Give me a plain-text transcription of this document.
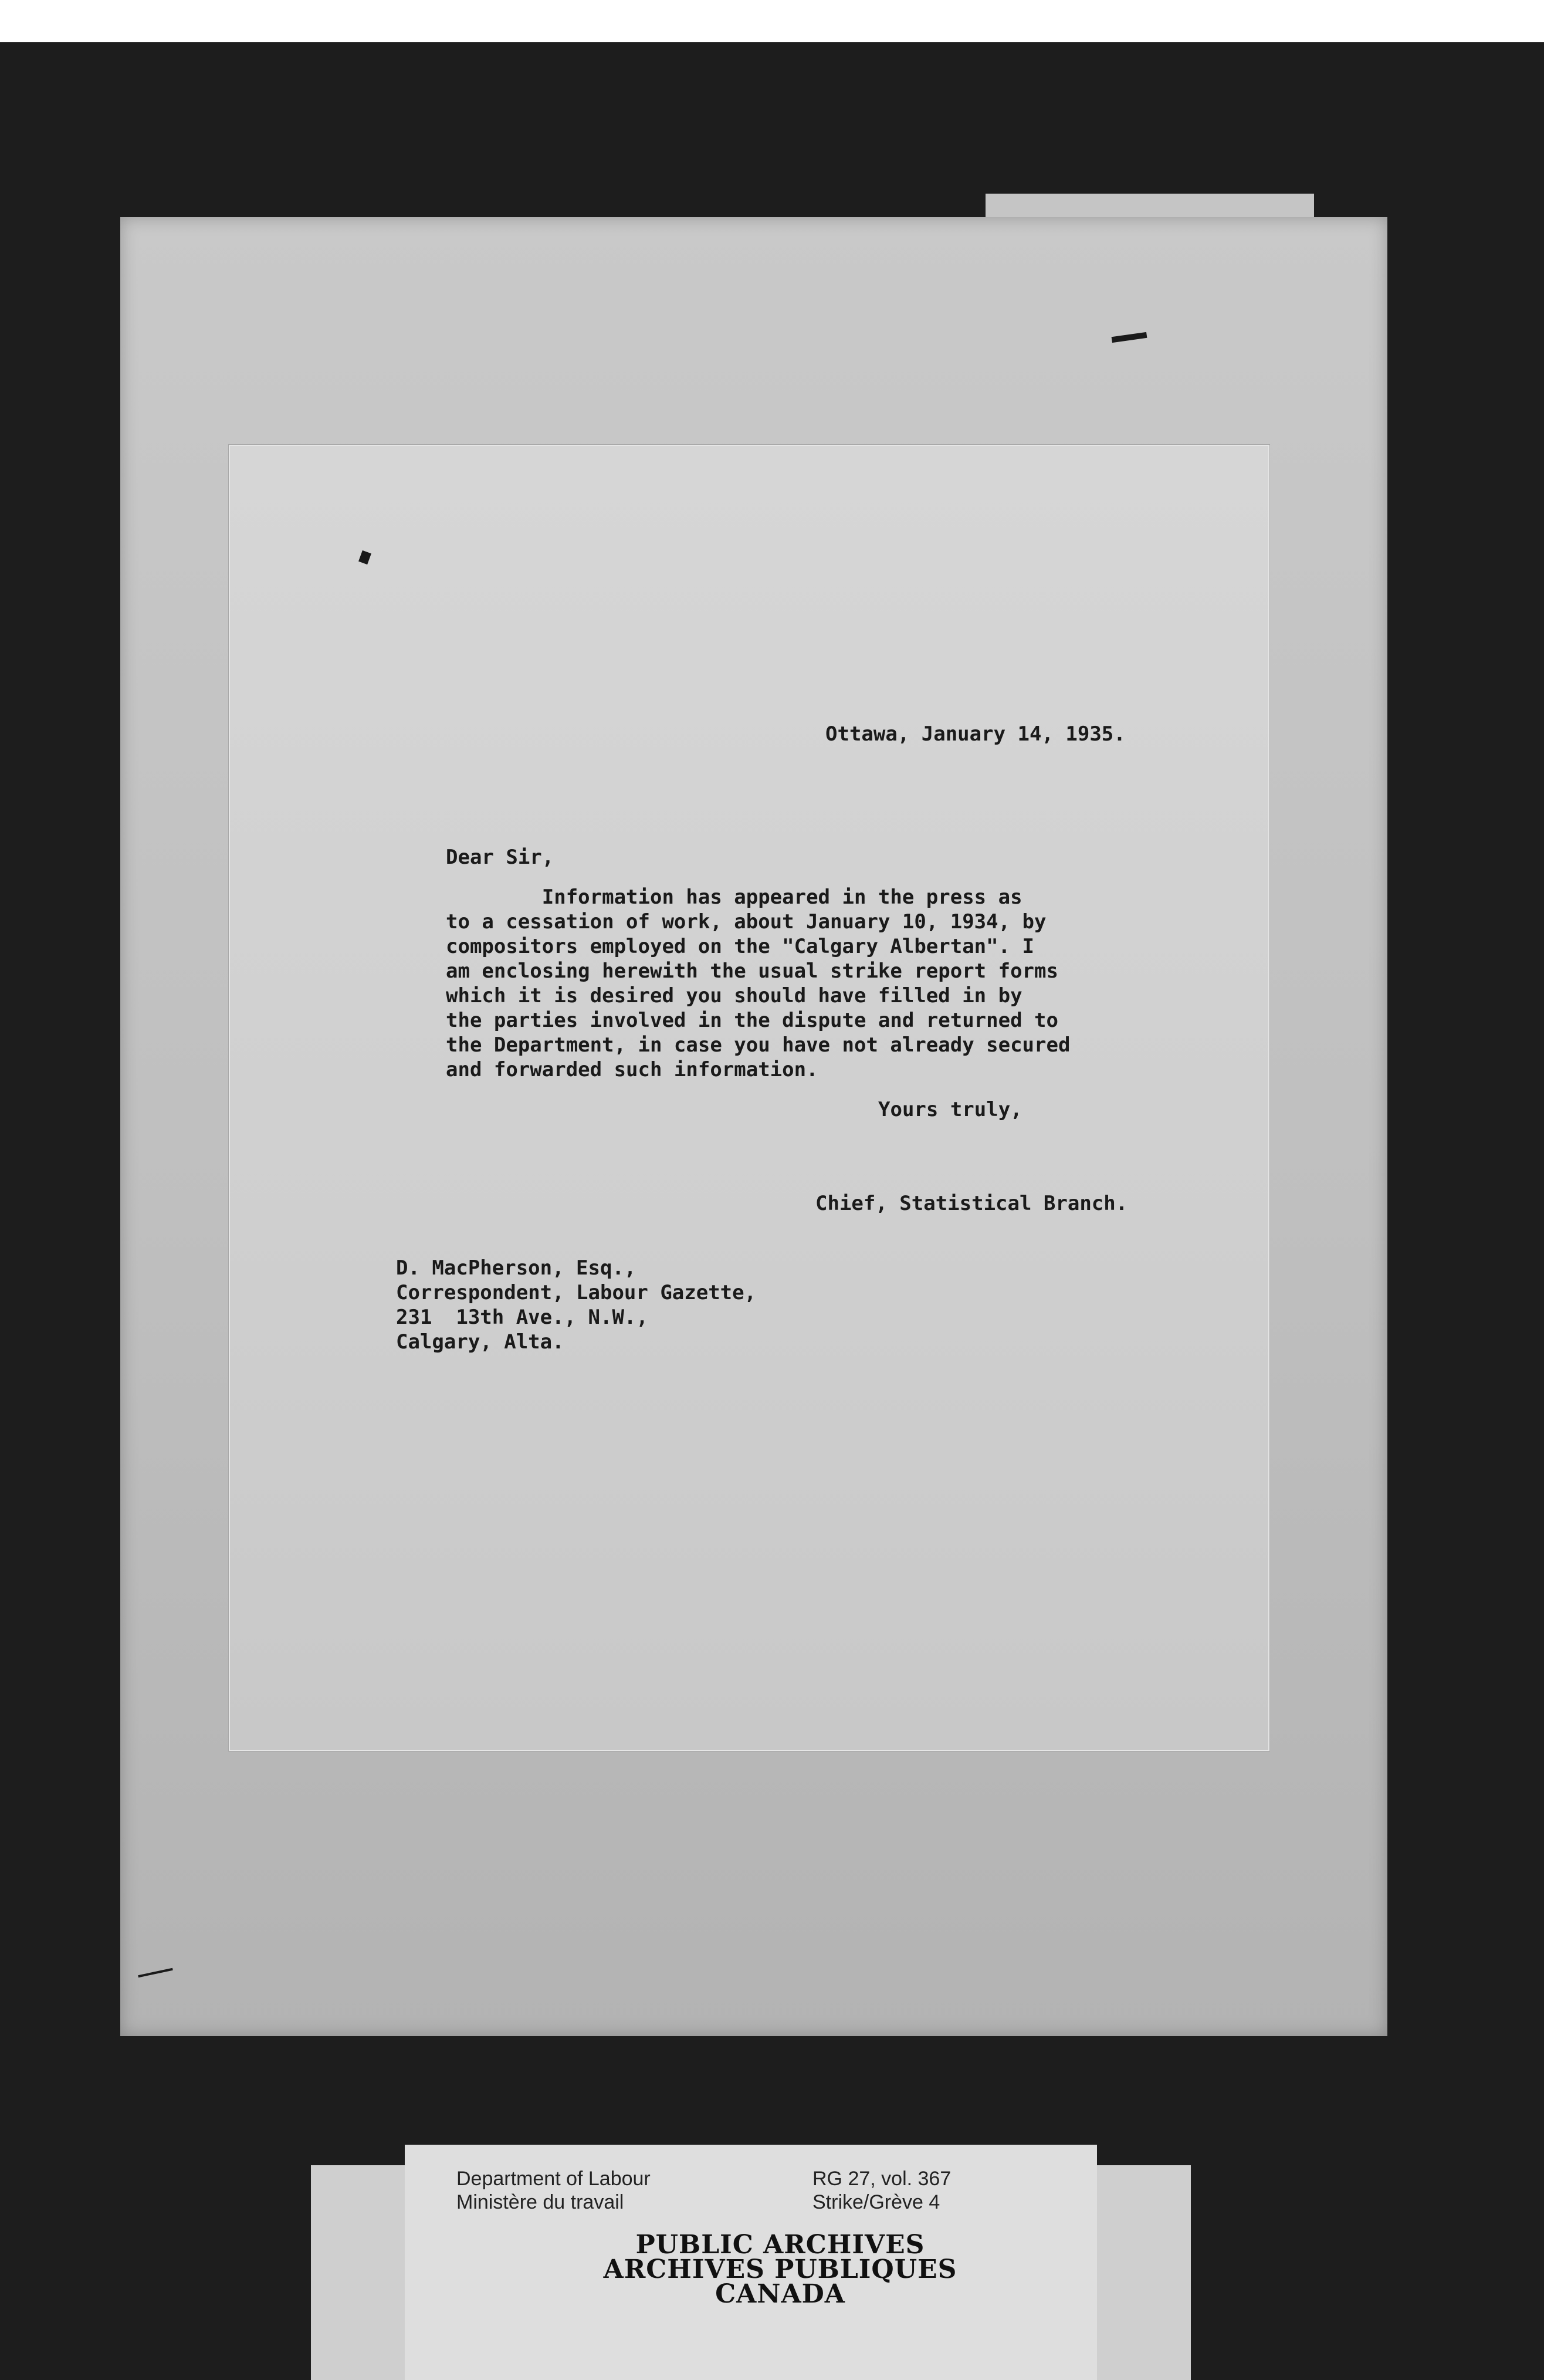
Ottawa, January 14, 1935.
Dear Sir,
Information has appeared in the press as
to a cessation of work, about January 10, 1934, by
compositors employed on the "Calgary Albertan". I
am enclosing herewith the usual strike report forms
which it is desired you should have filled in by
the parties involved in the dispute and returned to
the Department, in case you have not already secured
and forwarded such information.
Yours truly,
Chief, Statistical Branch.
D. MacPherson, Esq.,
Correspondent, Labour Gazette,
231  13th Ave., N.W.,
Calgary, Alta.
Department of Labour
Ministère du travail
RG 27, vol. 367
Strike/Grève 4
PUBLIC ARCHIVES
ARCHIVES PUBLIQUES
CANADA
